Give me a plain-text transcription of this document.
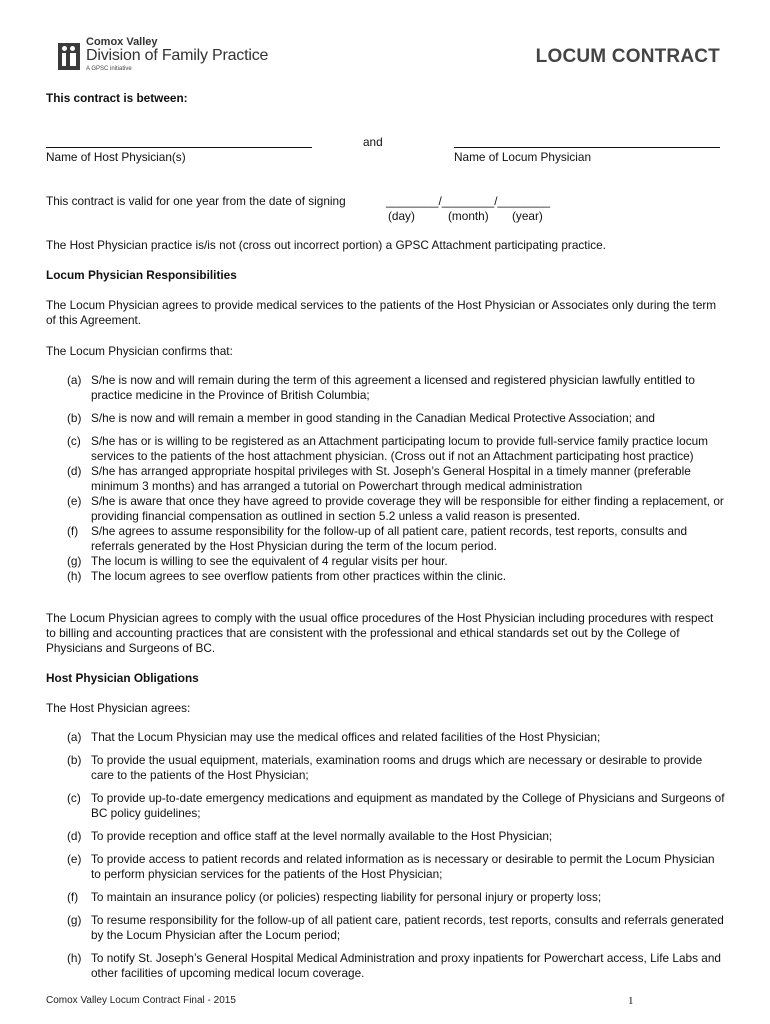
Comox Valley
Division of Family Practice
A GPSC initiative
LOCUM CONTRACT
This contract is between:
and
Name of Host Physician(s)	Name of Locum Physician
This contract is valid for one year from the date of signing	________/________/________
(day)	(month) (year)
The Host Physician practice is/is not (cross out incorrect portion) a GPSC Attachment participating practice.
Locum Physician Responsibilities
The Locum Physician agrees to provide medical services to the patients of the Host Physician or Associates only during the term of this Agreement.
The Locum Physician confirms that:
(a) S/he is now and will remain during the term of this agreement a licensed and registered physician lawfully entitled to practice medicine in the Province of British Columbia;
(b) S/he is now and will remain a member in good standing in the Canadian Medical Protective Association; and
(c) S/he has or is willing to be registered as an Attachment participating locum to provide full-service family practice locum services to the patients of the host attachment physician. (Cross out if not an Attachment participating host practice)
(d) S/he has arranged appropriate hospital privileges with St. Joseph’s General Hospital in a timely manner (preferable minimum 3 months) and has arranged a tutorial on Powerchart through medical administration
(e) S/he is aware that once they have agreed to provide coverage they will be responsible for either finding a replacement, or providing financial compensation as outlined in section 5.2 unless a valid reason is presented.
(f) S/he agrees to assume responsibility for the follow-up of all patient care, patient records, test reports, consults and referrals generated by the Host Physician during the term of the locum period.
(g) The locum is willing to see the equivalent of 4 regular visits per hour.
(h) The locum agrees to see overflow patients from other practices within the clinic.
The Locum Physician agrees to comply with the usual office procedures of the Host Physician including procedures with respect to billing and accounting practices that are consistent with the professional and ethical standards set out by the College of Physicians and Surgeons of BC.
Host Physician Obligations
The Host Physician agrees:
(a) That the Locum Physician may use the medical offices and related facilities of the Host Physician;
(b) To provide the usual equipment, materials, examination rooms and drugs which are necessary or desirable to provide care to the patients of the Host Physician;
(c) To provide up-to-date emergency medications and equipment as mandated by the College of Physicians and Surgeons of BC policy guidelines;
(d) To provide reception and office staff at the level normally available to the Host Physician;
(e) To provide access to patient records and related information as is necessary or desirable to permit the Locum Physician to perform physician services for the patients of the Host Physician;
(f) To maintain an insurance policy (or policies) respecting liability for personal injury or property loss;
(g) To resume responsibility for the follow-up of all patient care, patient records, test reports, consults and referrals generated by the Locum Physician after the Locum period;
(h) To notify St. Joseph’s General Hospital Medical Administration and proxy inpatients for Powerchart access, Life Labs and other facilities of upcoming medical locum coverage.
Comox Valley Locum Contract Final - 2015	1
